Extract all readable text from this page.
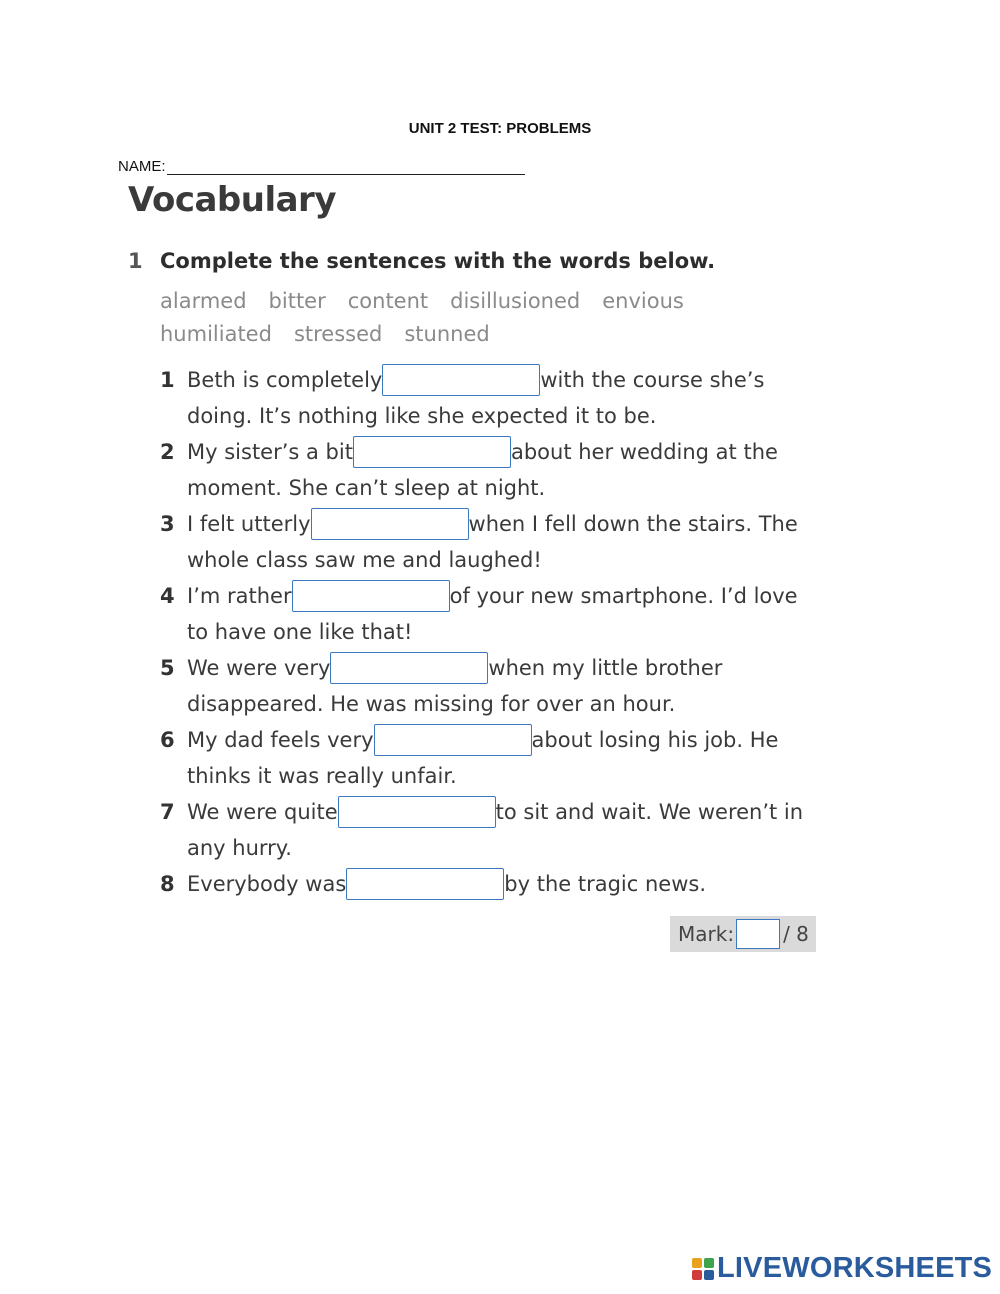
UNIT 2 TEST: PROBLEMS
NAME:
Vocabulary
1 Complete the sentences with the words below.
alarmed bitter content disillusioned envious
humiliated stressed stunned
1 Beth is completely	with the course she’s
doing. It’s nothing like she expected it to be.
2 My sister’s a bit	about her wedding at the
moment. She can’t sleep at night.
3 I felt utterly	when I fell down the stairs. The
whole class saw me and laughed!
4 I’m rather	of your new smartphone. I’d love
to have one like that!
5 We were very	when my little brother
disappeared. He was missing for over an hour.
6 My dad feels very	about losing his job. He
thinks it was really unfair.
7 We were quite	to sit and wait. We weren’t in
any hurry.
8 Everybody was	by the tragic news.
Mark: / 8
LIVEWORKSHEETS
